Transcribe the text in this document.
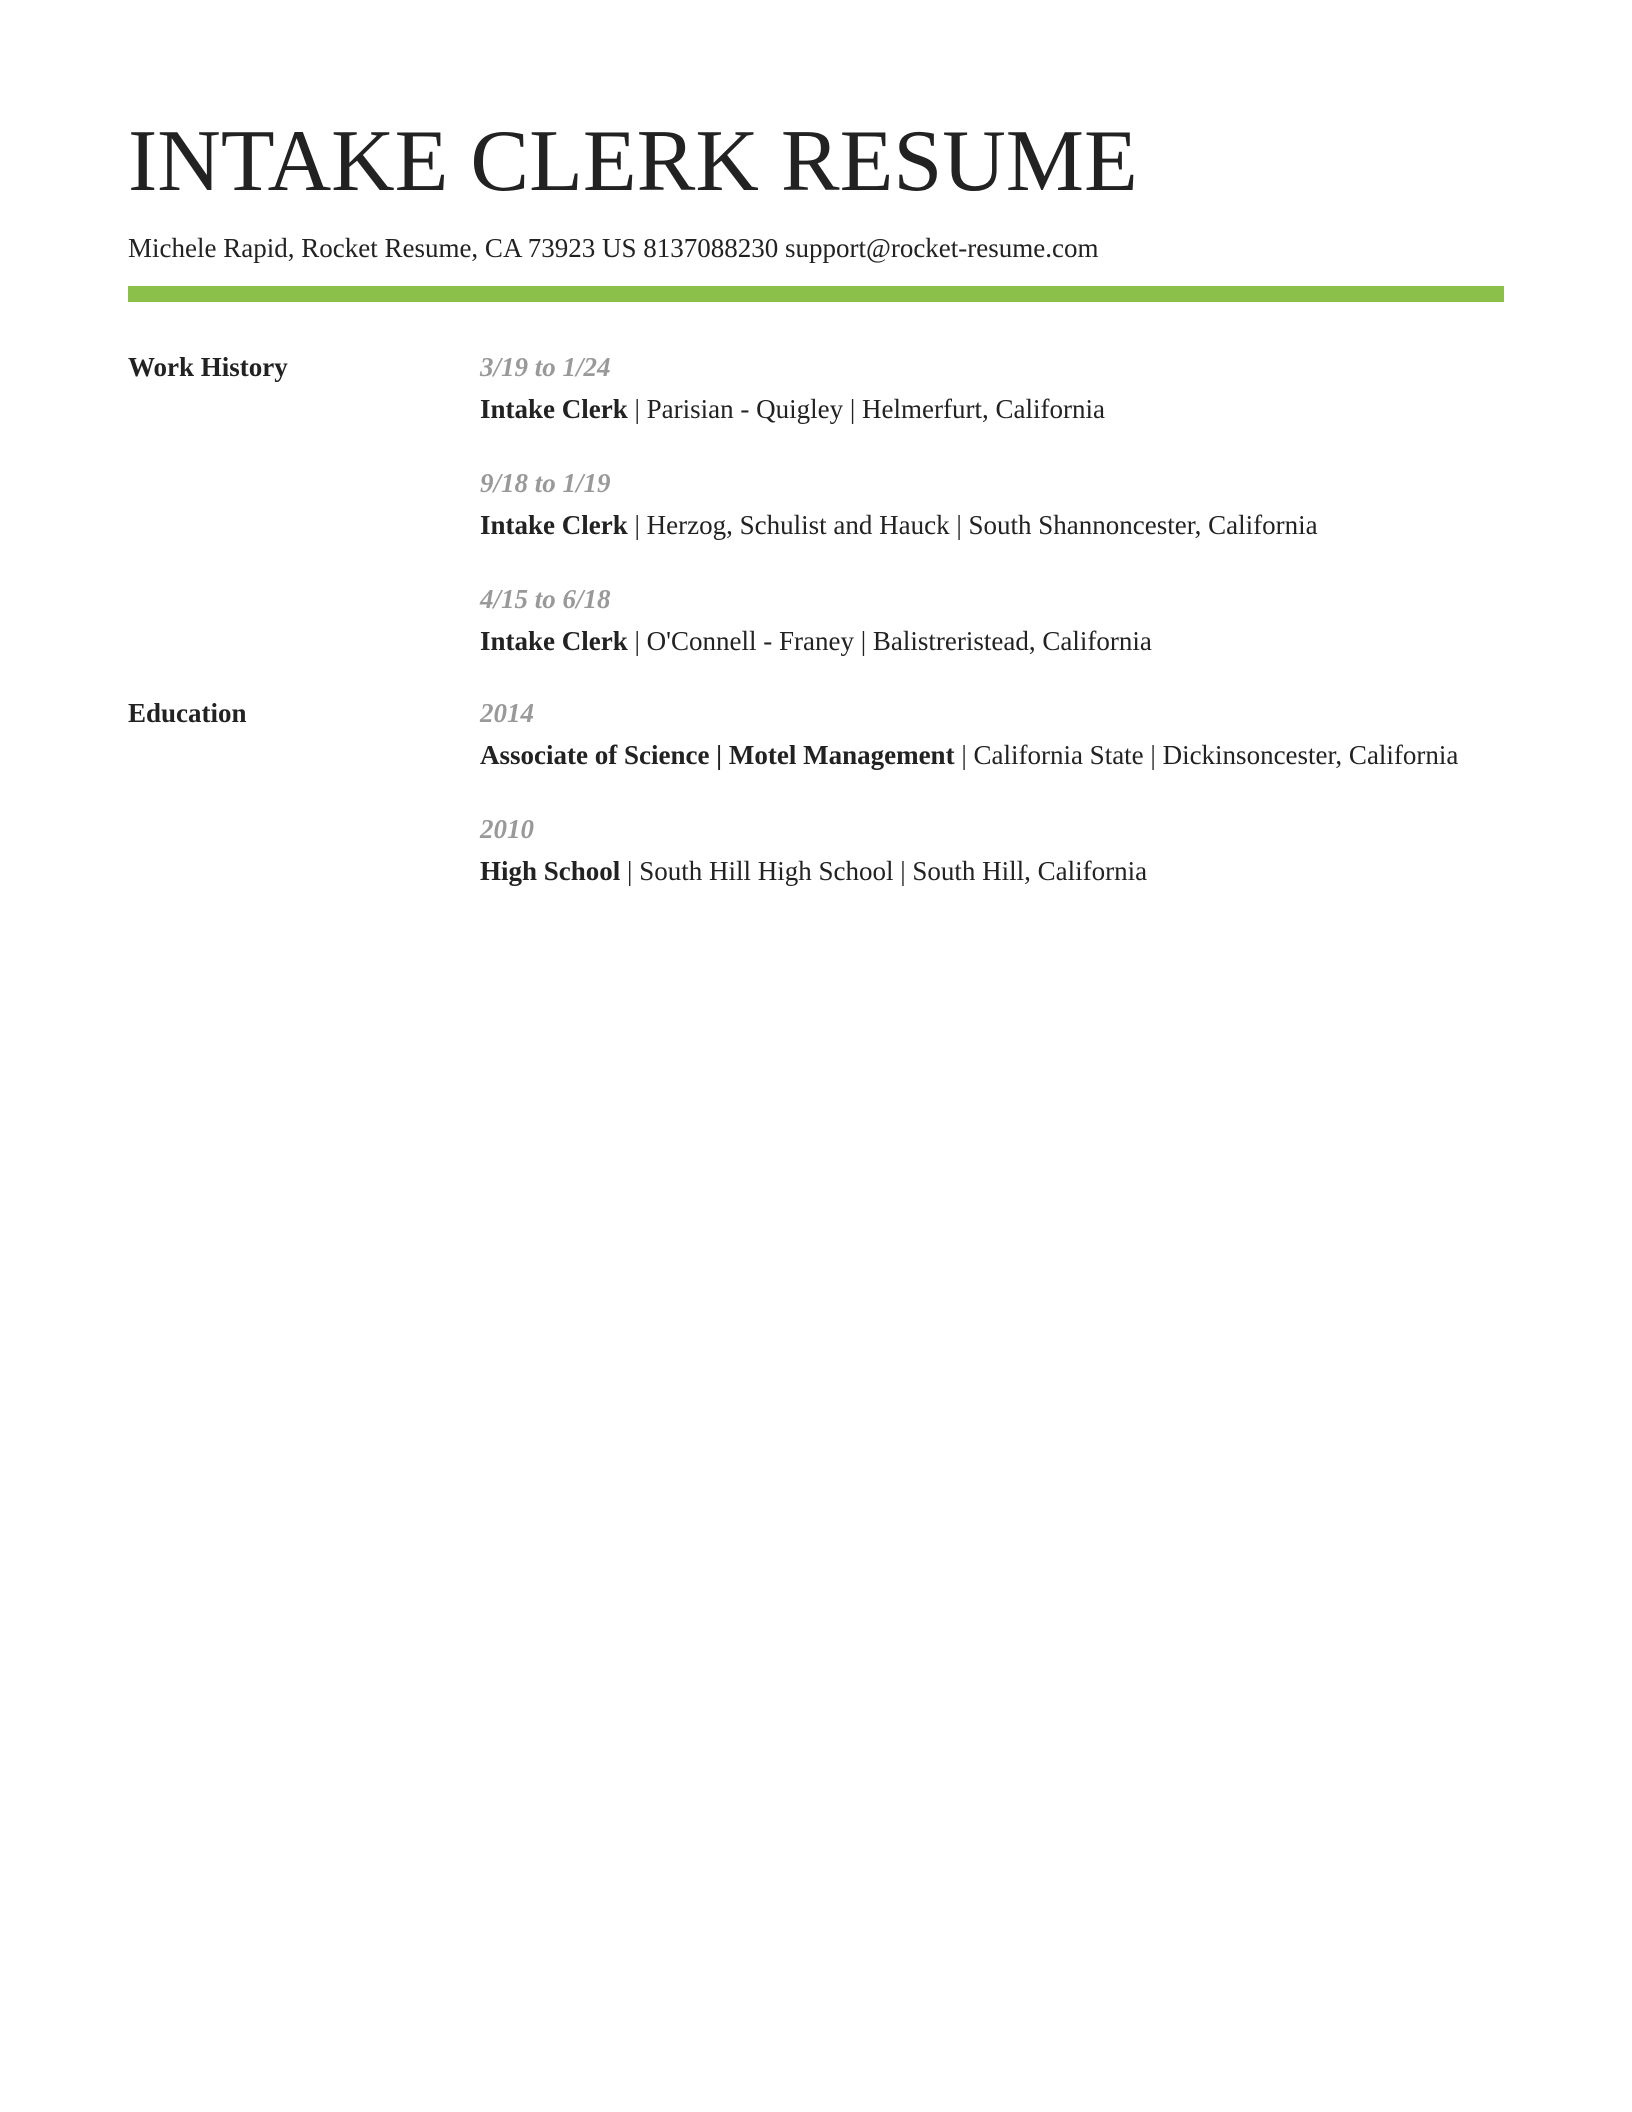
INTAKE CLERK RESUME
Michele Rapid, Rocket Resume, CA 73923 US 8137088230 support@rocket-resume.com
Work History	3/19 to 1/24
Intake Clerk | Parisian - Quigley | Helmerfurt, California
9/18 to 1/19
Intake Clerk | Herzog, Schulist and Hauck | South Shannoncester, California
4/15 to 6/18
Intake Clerk | O'Connell - Franey | Balistreristead, California
Education	2014
Associate of Science | Motel Management | California State | Dickinsoncester, California
2010
High School | South Hill High School | South Hill, California
